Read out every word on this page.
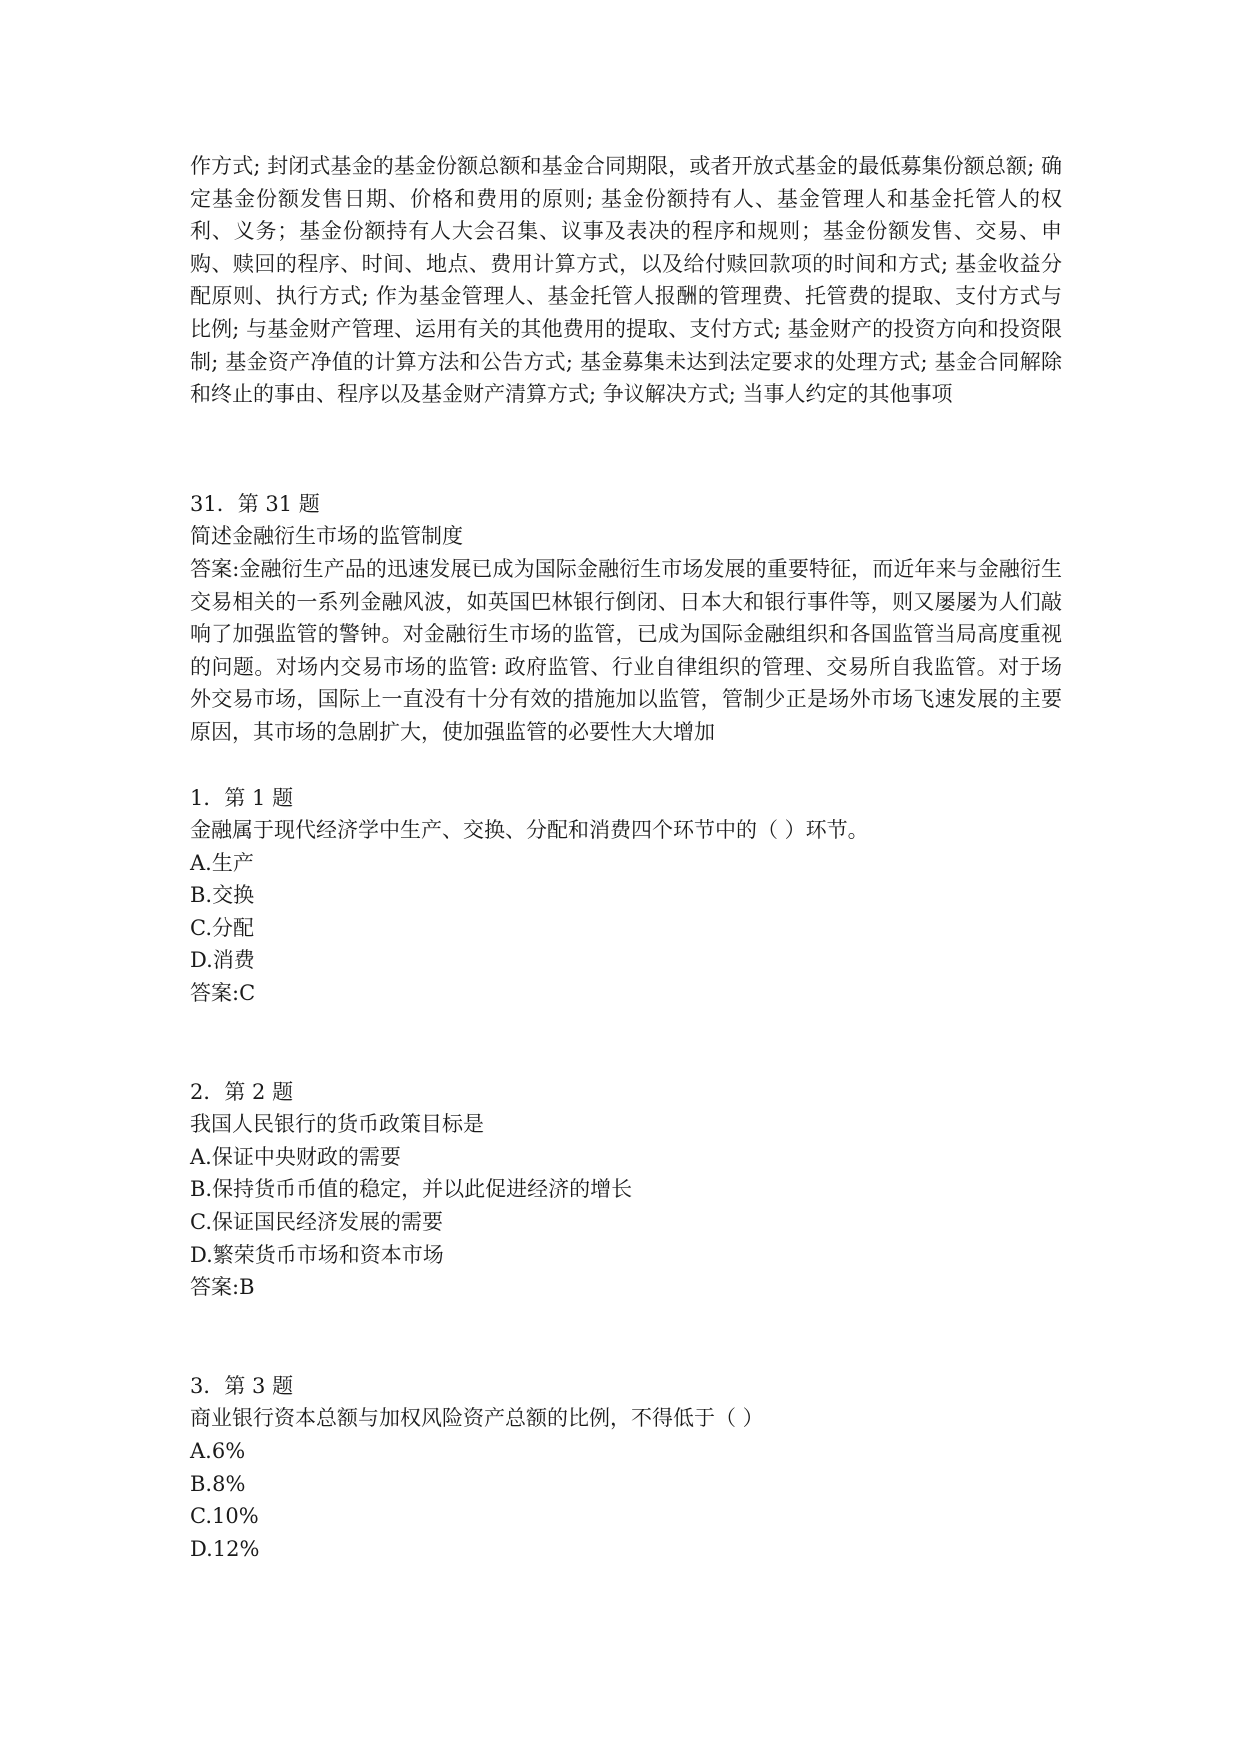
作方式; 封闭式基金的基金份额总额和基金合同期限，或者开放式基金的最低募集份额总额; 确定基金份额发售日期、价格和费用的原则; 基金份额持有人、基金管理人和基金托管人的权利、义务；基金份额持有人大会召集、议事及表决的程序和规则；基金份额发售、交易、申购、赎回的程序、时间、地点、费用计算方式，以及给付赎回款项的时间和方式; 基金收益分配原则、执行方式; 作为基金管理人、基金托管人报酬的管理费、托管费的提取、支付方式与比例; 与基金财产管理、运用有关的其他费用的提取、支付方式; 基金财产的投资方向和投资限制; 基金资产净值的计算方法和公告方式; 基金募集未达到法定要求的处理方式; 基金合同解除和终止的事由、程序以及基金财产清算方式; 争议解决方式; 当事人约定的其他事项

31．第 31 题
简述金融衍生市场的监管制度
答案:金融衍生产品的迅速发展已成为国际金融衍生市场发展的重要特征，而近年来与金融衍生交易相关的一系列金融风波，如英国巴林银行倒闭、日本大和银行事件等，则又屡屡为人们敲响了加强监管的警钟。对金融衍生市场的监管，已成为国际金融组织和各国监管当局高度重视的问题。对场内交易市场的监管: 政府监管、行业自律组织的管理、交易所自我监管。对于场外交易市场，国际上一直没有十分有效的措施加以监管，管制少正是场外市场飞速发展的主要原因，其市场的急剧扩大，使加强监管的必要性大大增加
1．第 1 题
金融属于现代经济学中生产、交换、分配和消费四个环节中的（ ）环节。
A.生产
B.交换
C.分配
D.消费
答案:C
2．第 2 题
我国人民银行的货币政策目标是
A.保证中央财政的需要
B.保持货币币值的稳定，并以此促进经济的增长
C.保证国民经济发展的需要
D.繁荣货币市场和资本市场
答案:B
3．第 3 题
商业银行资本总额与加权风险资产总额的比例，不得低于（ ）
A.6%
B.8%
C.10%
D.12%
